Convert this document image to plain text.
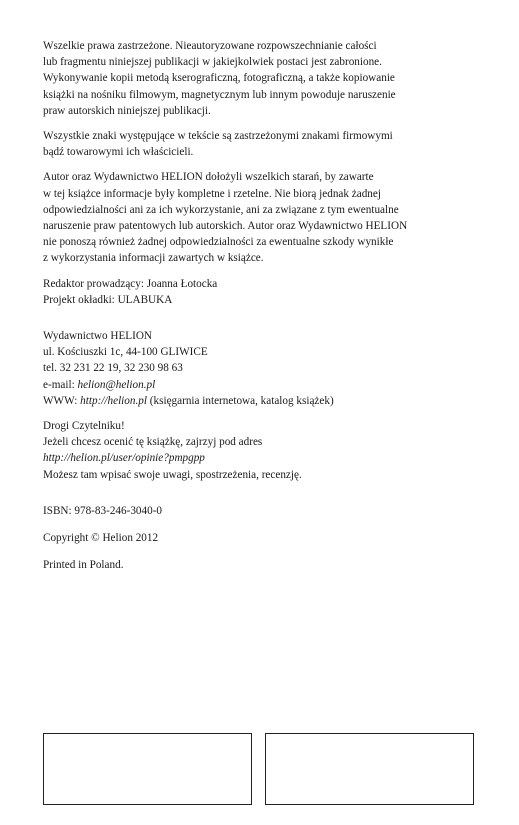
Wszelkie prawa zastrzeżone. Nieautoryzowane rozpowszechnianie całości

lub fragmentu niniejszej publikacji w jakiejkolwiek postaci jest zabronione.

Wykonywanie kopii metodą kserograficzną, fotograficzną, a także kopiowanie

książki na nośniku filmowym, magnetycznym lub innym powoduje naruszenie

praw autorskich niniejszej publikacji.

Wszystkie znaki występujące w tekście są zastrzeżonymi znakami firmowymi

bądź towarowymi ich właścicieli.

Autor oraz Wydawnictwo HELION dołożyli wszelkich starań, by zawarte

w tej książce informacje były kompletne i rzetelne. Nie biorą jednak żadnej

odpowiedzialności ani za ich wykorzystanie, ani za związane z tym ewentualne

naruszenie praw patentowych lub autorskich. Autor oraz Wydawnictwo HELION

nie ponoszą również żadnej odpowiedzialności za ewentualne szkody wynikłe

z wykorzystania informacji zawartych w książce.

Redaktor prowadzący: Joanna Łotocka

Projekt okładki: ULABUKA

Wydawnictwo HELION

ul. Kościuszki 1c, 44-100 GLIWICE

tel. 32 231 22 19, 32 230 98 63

e-mail: helion@helion.pl

WWW: http://helion.pl (księgarnia internetowa, katalog książek)

Drogi Czytelniku!

Jeżeli chcesz ocenić tę książkę, zajrzyj pod adres

http://helion.pl/user/opinie?pmpgpp

Możesz tam wpisać swoje uwagi, spostrzeżenia, recenzję.

ISBN: 978-83-246-3040-0

Copyright © Helion 2012

Printed in Poland.
